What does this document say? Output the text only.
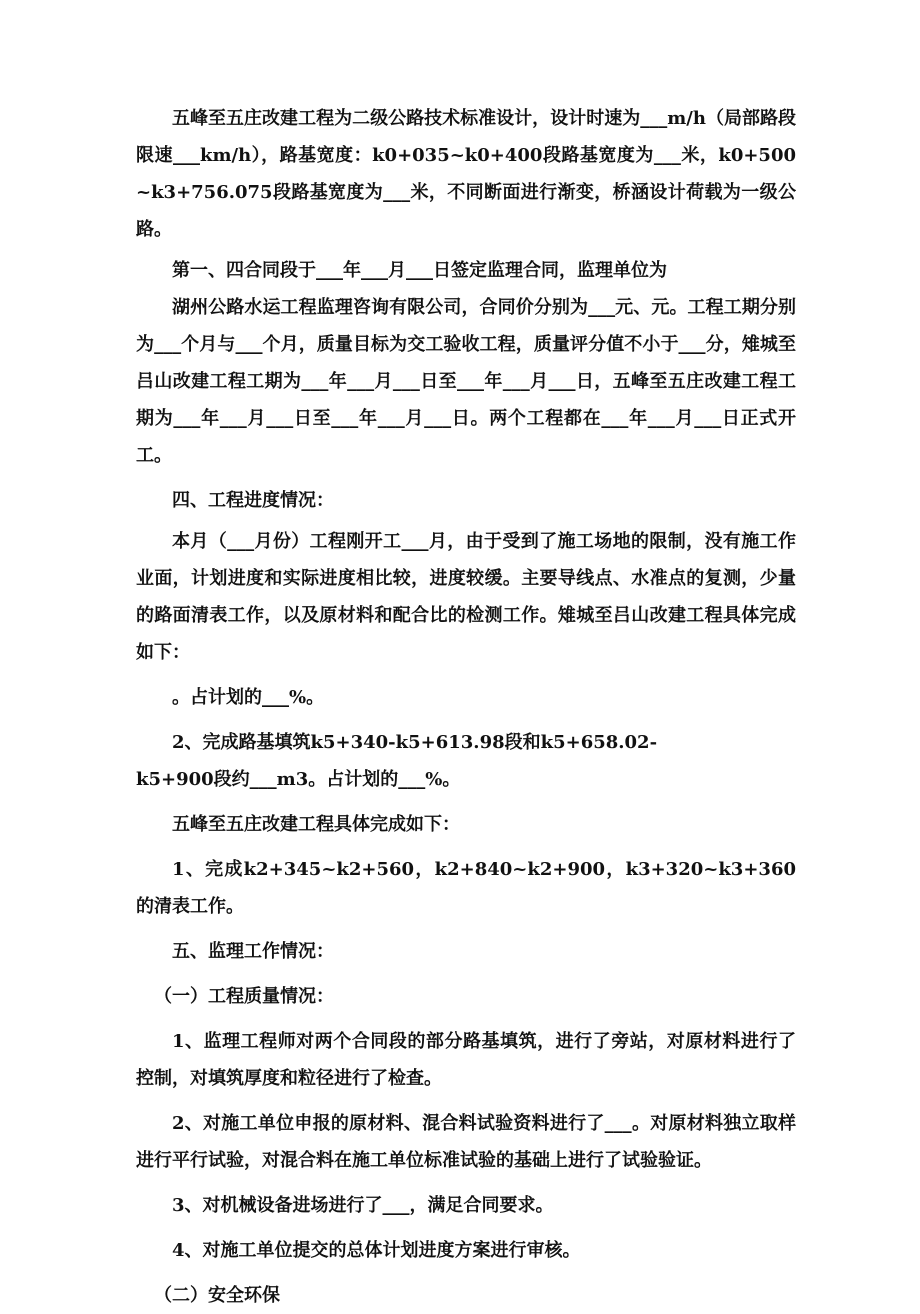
五峰至五庄改建工程为二级公路技术标准设计，设计时速为___m/h（局部路段限速___km/h），路基宽度：k0+035~k0+400段路基宽度为___米，k0+500~k3+756.075段路基宽度为___米，不同断面进行渐变，桥涵设计荷载为一级公路。

第一、四合同段于___年___月___日签定监理合同，监理单位为

湖州公路水运工程监理咨询有限公司，合同价分别为___元、元。工程工期分别为___个月与___个月，质量目标为交工验收工程，质量评分值不小于___分，雉城至吕山改建工程工期为___年___月___日至___年___月___日，五峰至五庄改建工程工期为___年___月___日至___年___月___日。两个工程都在___年___月___日正式开工。

四、工程进度情况：

本月（___月份）工程刚开工___月，由于受到了施工场地的限制，没有施工作业面，计划进度和实际进度相比较，进度较缓。主要导线点、水准点的复测，少量的路面清表工作，以及原材料和配合比的检测工作。雉城至吕山改建工程具体完成如下：

。占计划的___%。

2、完成路基填筑k5+340-k5+613.98段和k5+658.02-

k5+900段约___m3。占计划的___%。

五峰至五庄改建工程具体完成如下：

1、完成k2+345~k2+560，k2+840~k2+900，k3+320~k3+360的清表工作。

五、监理工作情况：

（一）工程质量情况：

1、监理工程师对两个合同段的部分路基填筑，进行了旁站，对原材料进行了控制，对填筑厚度和粒径进行了检查。

2、对施工单位申报的原材料、混合料试验资料进行了___。对原材料独立取样进行平行试验，对混合料在施工单位标准试验的基础上进行了试验验证。

3、对机械设备进场进行了___，满足合同要求。

4、对施工单位提交的总体计划进度方案进行审核。

（二）安全环保
